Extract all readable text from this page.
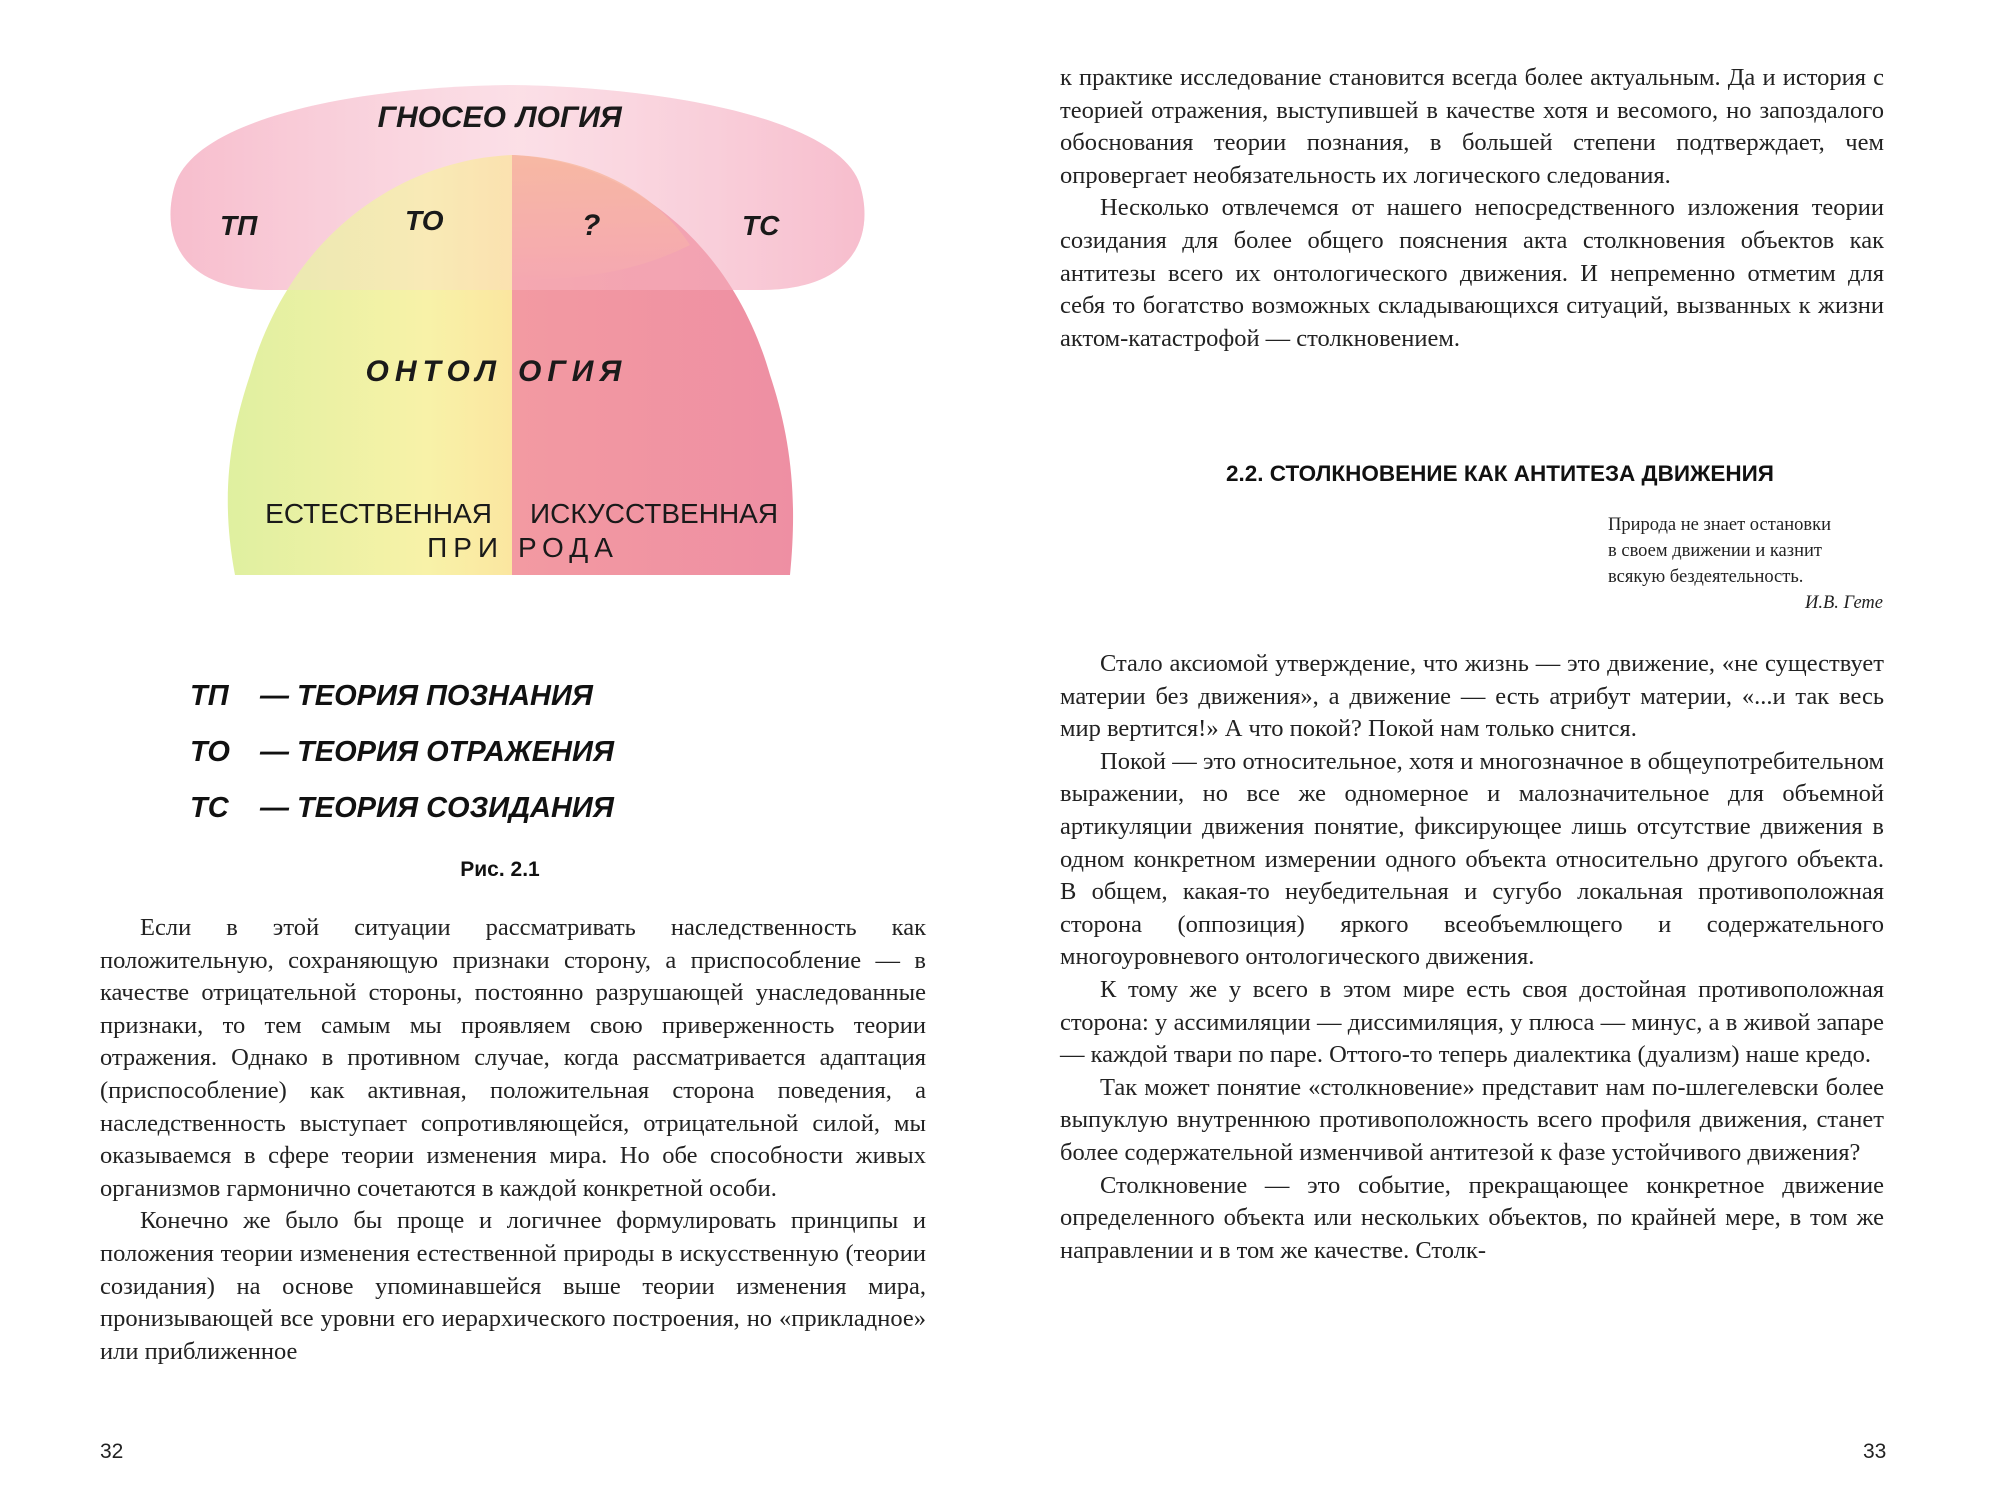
ГНОСЕО ЛОГИЯ
ТП	ТО	?	ТС
ОНТОЛ ОГИЯ
ЕСТЕСТВЕННАЯ ИСКУССТВЕННАЯ
ПРИ РОДА
ТП — ТЕОРИЯ ПОЗНАНИЯ
ТО — ТЕОРИЯ ОТРАЖЕНИЯ
ТС — ТЕОРИЯ СОЗИДАНИЯ
Рис. 2.1

Если в этой ситуации рассматривать наследственность как положительную, сохраняющую признаки сторону, а приспособление — в качестве отрицательной стороны, постоянно разрушающей унаследованные признаки, то тем самым мы проявляем свою приверженность теории отражения. Однако в противном случае, когда рассматривается адаптация (приспособление) как активная, положительная сторона поведения, а наследственность выступает сопротивляющейся, отрицательной силой, мы оказываемся в сфере теории изменения мира. Но обе способности живых организмов гармонично сочетаются в каждой конкретной особи.

Конечно же было бы проще и логичнее формулировать принципы и положения теории изменения естественной природы в искусственную (теории созидания) на основе упоминавшейся выше теории изменения мира, пронизывающей все уровни его иерархического построения, но «прикладное» или приближенное

32

к практике исследование становится всегда более актуальным. Да и история с теорией отражения, выступившей в качестве хотя и весомого, но запоздалого обоснования теории познания, в большей степени подтверждает, чем опровергает необязательность их логического следования.

Несколько отвлечемся от нашего непосредственного изложения теории созидания для более общего пояснения акта столкновения объектов как антитезы всего их онтологического движения. И непременно отметим для себя то богатство возможных складывающихся ситуаций, вызванных к жизни актом-катастрофой — столкновением.

2.2. СТОЛКНОВЕНИЕ КАК АНТИТЕЗА ДВИЖЕНИЯ
Природа не знает остановки
в своем движении и казнит
всякую бездеятельность.
И.В. Гете

Стало аксиомой утверждение, что жизнь — это движение, «не существует материи без движения», а движение — есть атрибут материи, «...и так весь мир вертится!» А что покой? Покой нам только снится.

Покой — это относительное, хотя и многозначное в общеупотребительном выражении, но все же одномерное и малозначительное для объемной артикуляции движения понятие, фиксирующее лишь отсутствие движения в одном конкретном измерении одного объекта относительно другого объекта. В общем, какая-то неубедительная и сугубо локальная противоположная сторона (оппозиция) яркого всеобъемлющего и содержательного многоуровневого онтологического движения.

К тому же у всего в этом мире есть своя достойная противоположная сторона: у ассимиляции — диссимиляция, у плюса — минус, а в живой запаре — каждой твари по паре. Оттого-то теперь диалектика (дуализм) наше кредо.

Так может понятие «столкновение» представит нам по-шлегелевски более выпуклую внутреннюю противоположность всего профиля движения, станет более содержательной изменчивой антитезой к фазе устойчивого движения?

Столкновение — это событие, прекращающее конкретное движение определенного объекта или нескольких объектов, по крайней мере, в том же направлении и в том же качестве. Столк-

33
